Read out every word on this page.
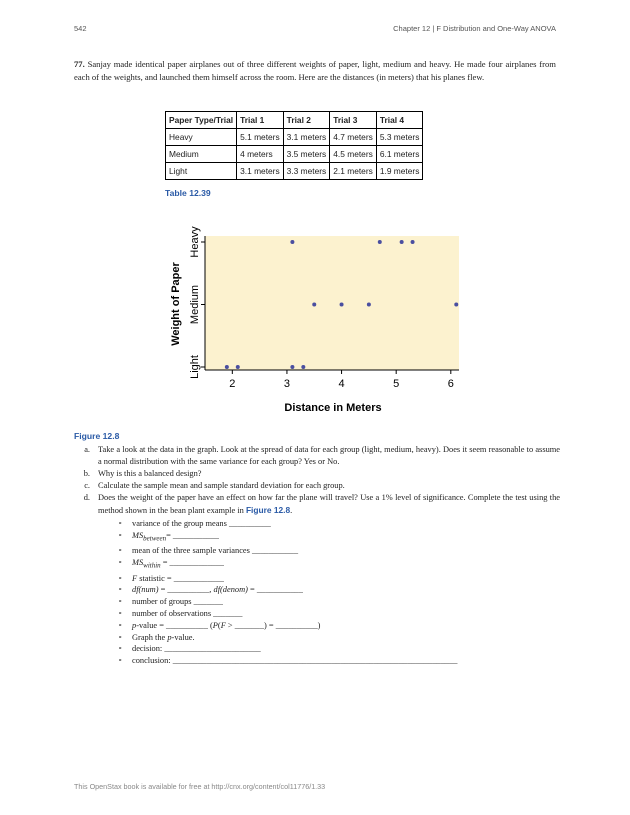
542	Chapter 12 | F Distribution and One-Way ANOVA
77. Sanjay made identical paper airplanes out of three different weights of paper, light, medium and heavy. He made four airplanes from each of the weights, and launched them himself across the room. Here are the distances (in meters) that his planes flew.
Paper Type/Trial	Trial 1	Trial 2	Trial 3	Trial 4
Heavy	5.1 meters	3.1 meters	4.7 meters	5.3 meters
Medium	4 meters	3.5 meters	4.5 meters	6.1 meters
Light	3.1 meters	3.3 meters	2.1 meters	1.9 meters
Table 12.39
Weight of Paper
Distance in Meters
2	3	4	5	6
Light
Medium
Heavy
Figure 12.8
a. Take a look at the data in the graph. Look at the spread of data for each group (light, medium, heavy). Does it seem reasonable to assume a normal distribution with the same variance for each group? Yes or No.
b. Why is this a balanced design?
c. Calculate the sample mean and sample standard deviation for each group.
d. Does the weight of the paper have an effect on how far the plane will travel? Use a 1% level of significance. Complete the test using the method shown in the bean plant example in Figure 12.8.
∘	variance of the group means __________
∘	$MS_{between}=$ ___________
∘	mean of the three sample variances ___________
∘	$MS_{within}$ = _____________
∘	F statistic = ____________
∘	df(num) = __________, df(denom) = ___________
∘	number of groups _______
∘	number of observations _______
∘	p-value = __________ (P(F > _______) = __________)
∘	Graph the p-value.
∘	decision: _______________________
∘	conclusion: ____________________________________________________________________
This OpenStax book is available for free at http://cnx.org/content/col11776/1.33
